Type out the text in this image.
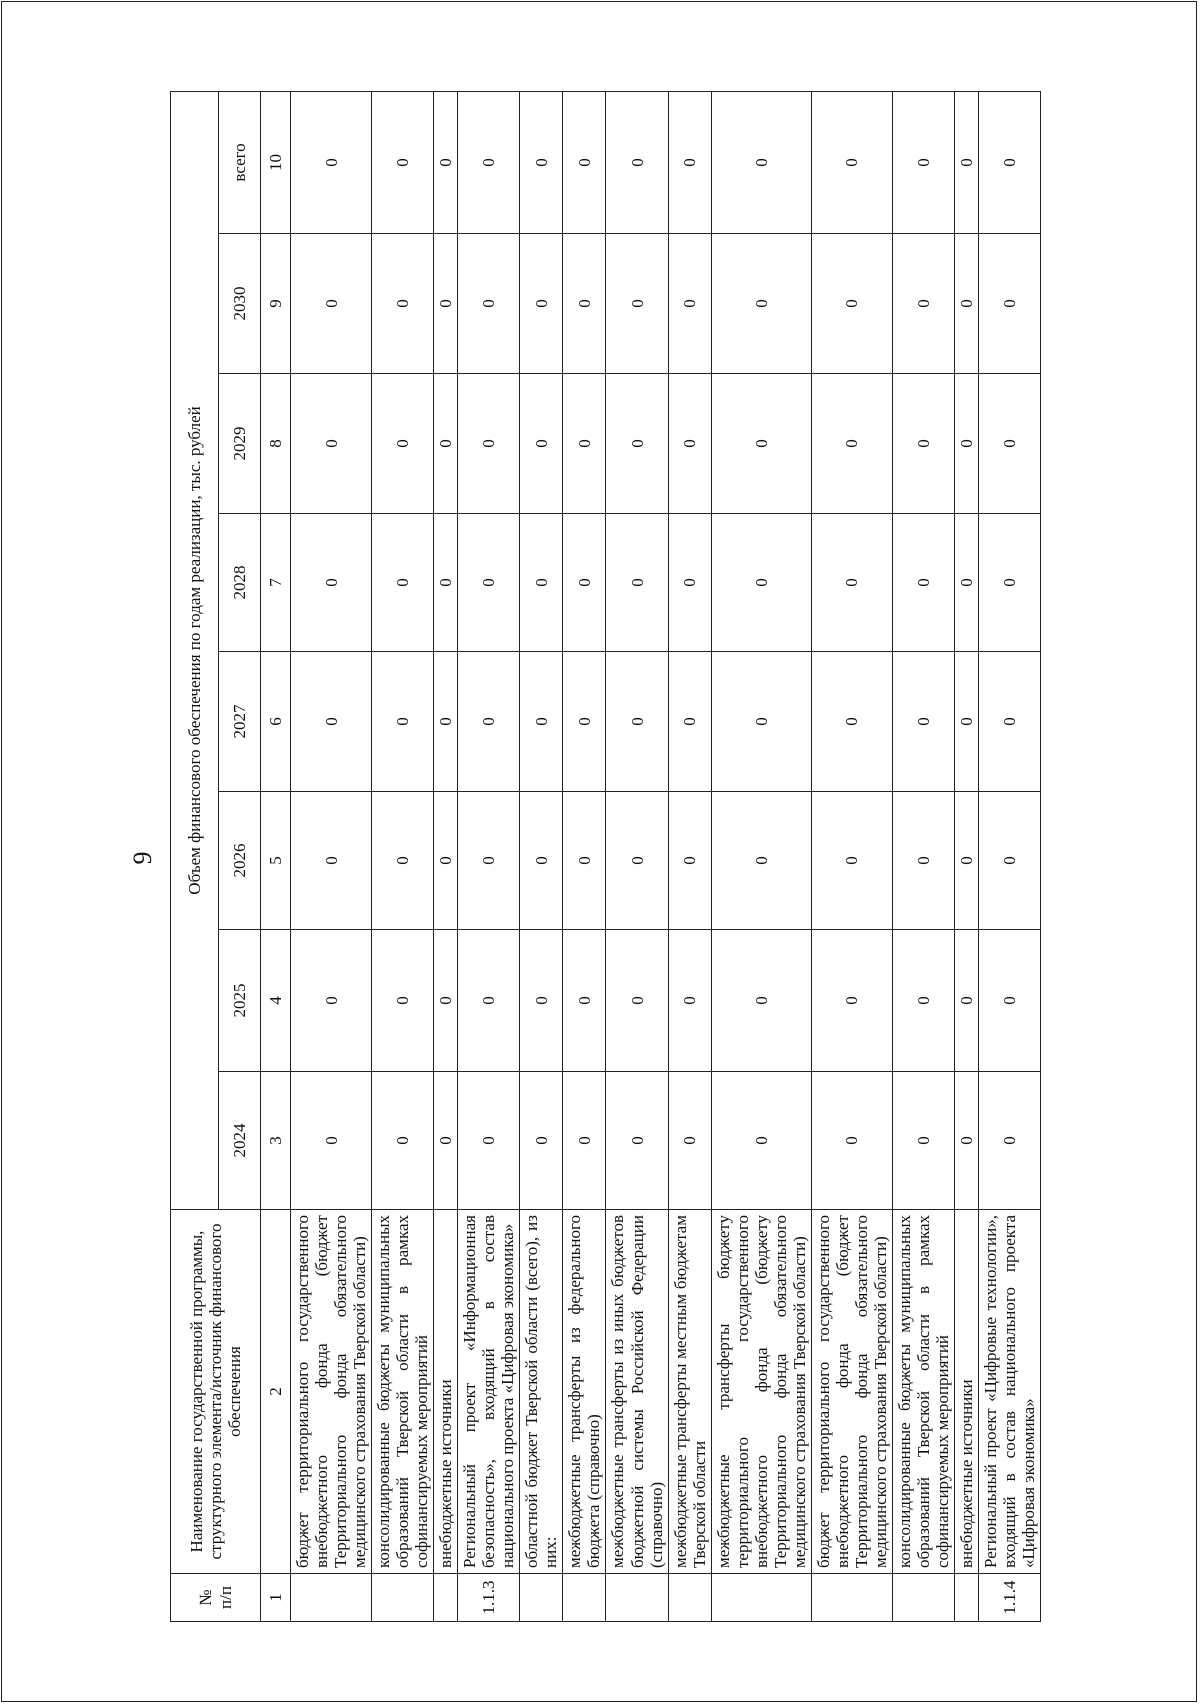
9
№
п/п	Наименование государственной программы, структурного элемента/источник финансового обеспечения	Объем финансового обеспечения по годам реализации, тыс. рублей							
		2024	2025	2026	2027	2028	2029	2030	всего
1	2	3	4	5	6	7	8	9	10
	бюджет территориального государственного внебюджетного фонда (бюджет Территориального фонда обязательного медицинского страхования Тверской области)	0	0	0	0	0	0	0	0
	консолидированные бюджеты муниципальных образований Тверской области в рамках софинансируемых мероприятий	0	0	0	0	0	0	0	0
	внебюджетные источники	0	0	0	0	0	0	0	0
1.1.3	Региональный проект «Информационная безопасность», входящий в состав национального проекта «Цифровая экономика»	0	0	0	0	0	0	0	0
	областной бюджет Тверской области (всего), из них:	0	0	0	0	0	0	0	0
	межбюджетные трансферты из федерального бюджета (справочно)	0	0	0	0	0	0	0	0
	межбюджетные трансферты из иных бюджетов бюджетной системы Российской Федерации (справочно)	0	0	0	0	0	0	0	0
	межбюджетные трансферты местным бюджетам Тверской области	0	0	0	0	0	0	0	0
	межбюджетные трансферты бюджету территориального государственного внебюджетного фонда (бюджету Территориального фонда обязательного медицинского страхования Тверской области)	0	0	0	0	0	0	0	0
	бюджет территориального государственного внебюджетного фонда (бюджет Территориального фонда обязательного медицинского страхования Тверской области)	0	0	0	0	0	0	0	0
	консолидированные бюджеты муниципальных образований Тверской области в рамках софинансируемых мероприятий	0	0	0	0	0	0	0	0
	внебюджетные источники	0	0	0	0	0	0	0	0
1.1.4	Региональный проект «Цифровые технологии», входящий в состав национального проекта «Цифровая экономика»	0	0	0	0	0	0	0	0
